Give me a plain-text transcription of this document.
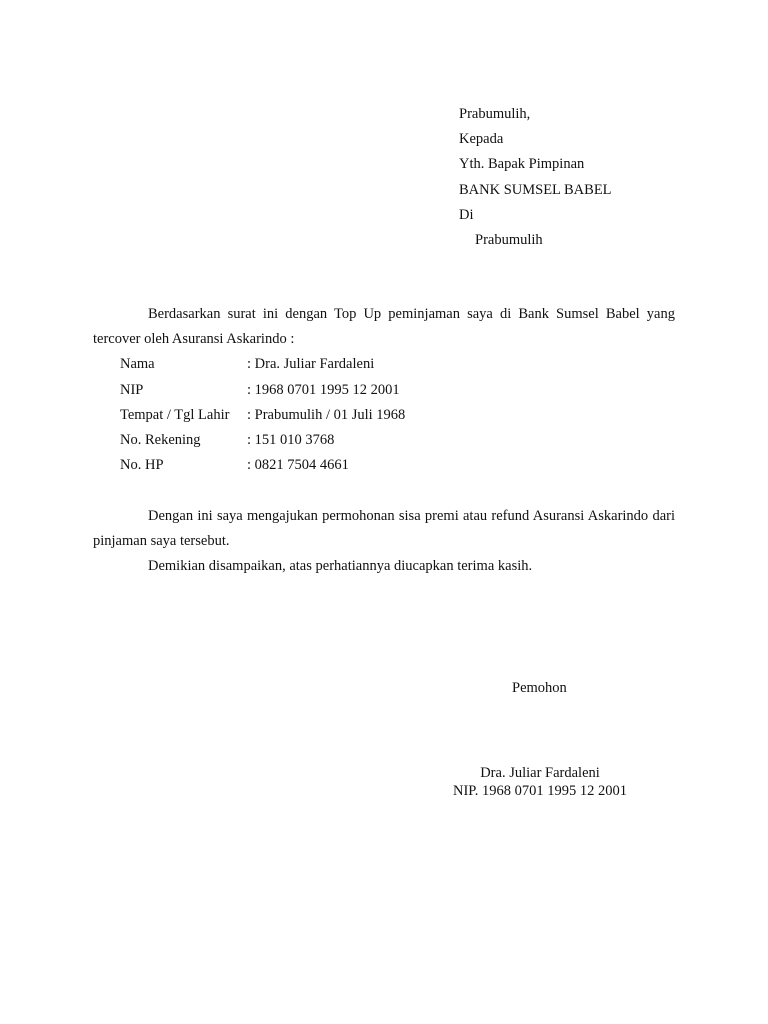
Prabumulih,
Kepada
Yth. Bapak Pimpinan
BANK SUMSEL BABEL
Di
Prabumulih

Berdasarkan surat ini dengan Top Up peminjaman saya di Bank Sumsel Babel yang tercover oleh Asuransi Askarindo :

Nama	: Dra. Juliar Fardaleni
NIP	: 1968 0701 1995 12 2001
Tempat / Tgl Lahir	: Prabumulih / 01 Juli 1968
No. Rekening	: 151 010 3768
No. HP	: 0821 7504 4661

Dengan ini saya mengajukan permohonan sisa premi atau refund Asuransi Askarindo dari pinjaman saya tersebut.

Demikian disampaikan, atas perhatiannya diucapkan terima kasih.

Pemohon
Dra. Juliar Fardaleni
NIP. 1968 0701 1995 12 2001
